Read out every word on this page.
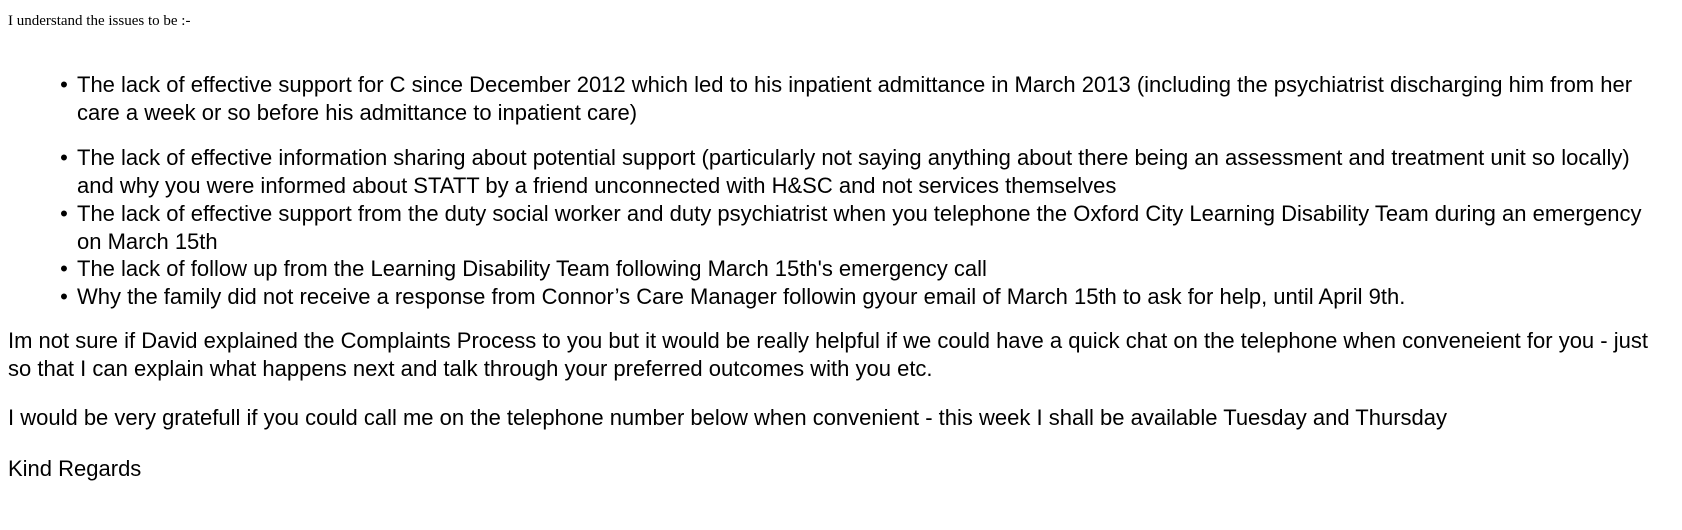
I understand the issues to be :-

• The lack of effective support for C since December 2012 which led to his inpatient admittance in March 2013 (including the psychiatrist discharging him from her care a week or so before his admittance to inpatient care)
• The lack of effective information sharing about potential support (particularly not saying anything about there being an assessment and treatment unit so locally) and why you were informed about STATT by a friend unconnected with H&SC and not services themselves
• The lack of effective support from the duty social worker and duty psychiatrist when you telephone the Oxford City Learning Disability Team during an emergency on March 15th
• The lack of follow up from the Learning Disability Team following March 15th's emergency call
• Why the family did not receive a response from Connor’s Care Manager followin gyour email of March 15th to ask for help, until April 9th.

Im not sure if David explained the Complaints Process to you but it would be really helpful if we could have a quick chat on the telephone when conveneient for you - just so that I can explain what happens next and talk through your preferred outcomes with you etc.

I would be very gratefull if you could call me on the telephone number below when convenient - this week I shall be available Tuesday and Thursday

Kind Regards
